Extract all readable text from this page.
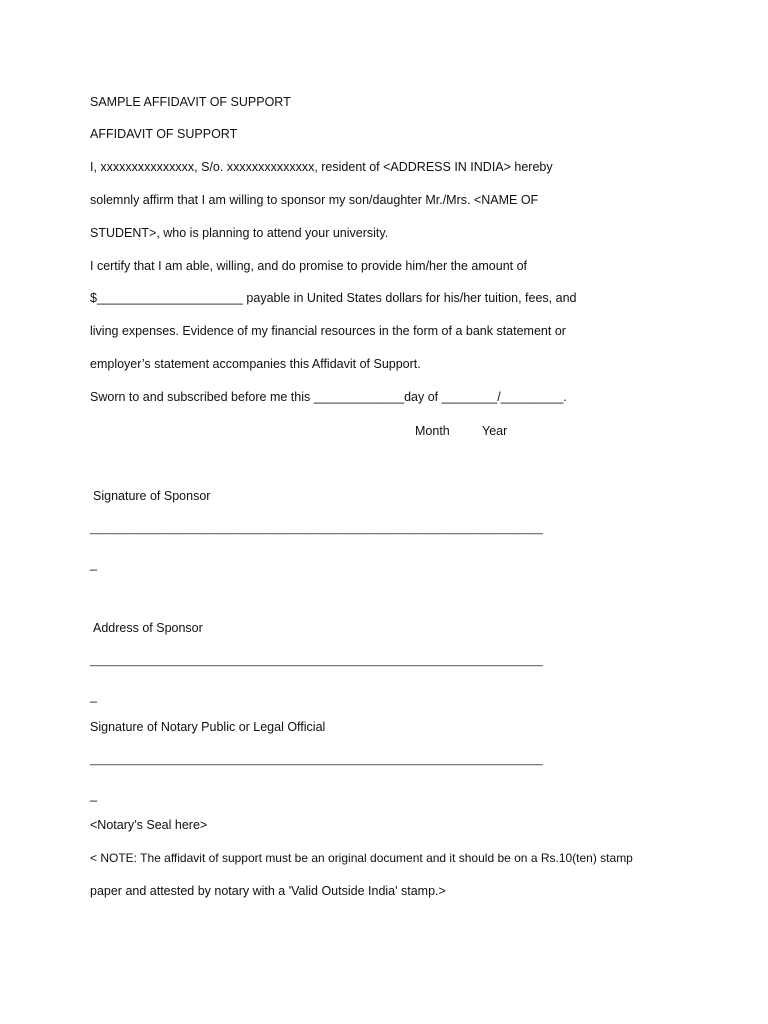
SAMPLE AFFIDAVIT OF SUPPORT
AFFIDAVIT OF SUPPORT
I, xxxxxxxxxxxxxxx, S/o. xxxxxxxxxxxxxx, resident of <ADDRESS IN INDIA> hereby
solemnly affirm that I am willing to sponsor my son/daughter Mr./Mrs. <NAME OF
STUDENT>, who is planning to attend your university.
I certify that I am able, willing, and do promise to provide him/her the amount of
$_____________________ payable in United States dollars for his/her tuition, fees, and
living expenses. Evidence of my financial resources in the form of a bank statement or
employer’s statement accompanies this Affidavit of Support.
Sworn to and subscribed before me this _____________day of ________/_________.
Month	Year
Signature of Sponsor
__________________________________________________________________________
_
Address of Sponsor
__________________________________________________________________________
_
Signature of Notary Public or Legal Official
__________________________________________________________________________
_
<Notary’s Seal here>
< NOTE: The affidavit of support must be an original document and it should be on a Rs.10(ten) stamp
paper and attested by notary with a 'Valid Outside India' stamp.>
